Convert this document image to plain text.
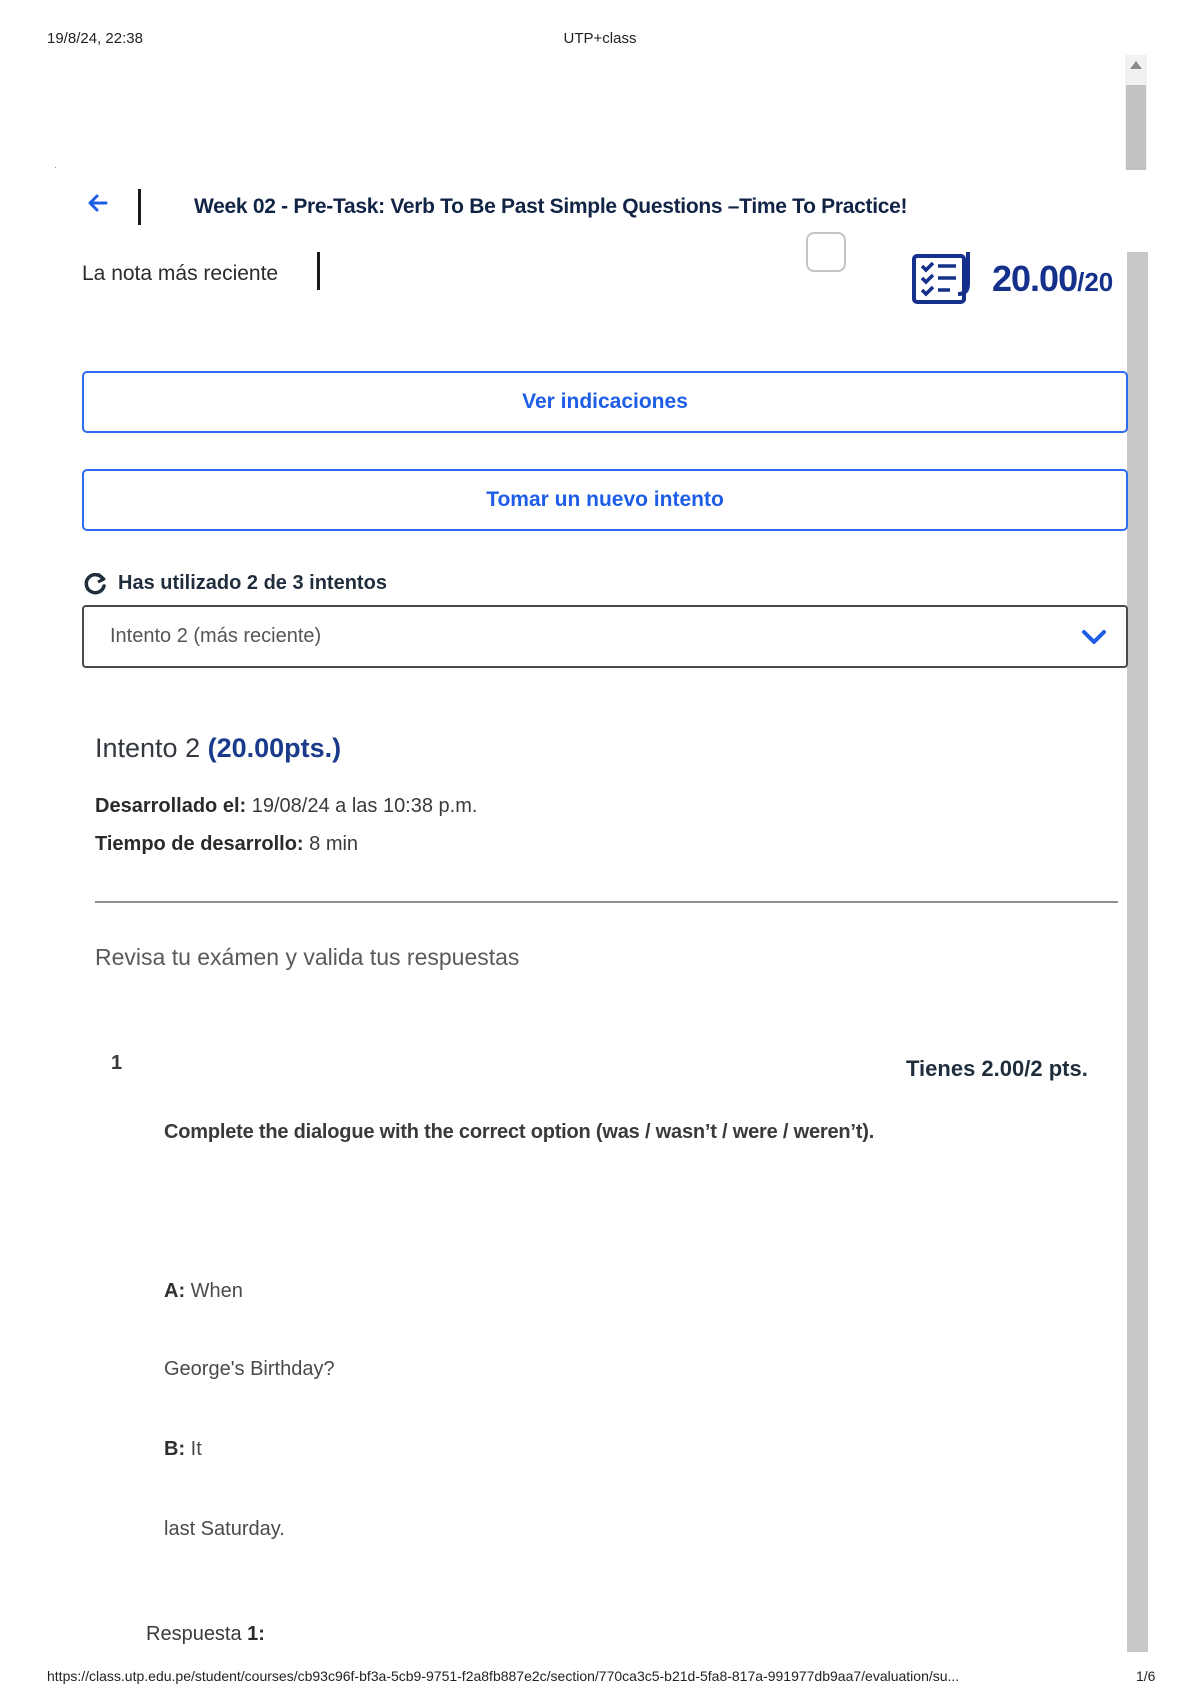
19/8/24, 22:38	UTP+class
.
Week 02 - Pre-Task: Verb To Be Past Simple Questions –Time To Practice!
La nota más reciente	20.00/20
Ver indicaciones
Tomar un nuevo intento
Has utilizado 2 de 3 intentos
Intento 2 (más reciente)
Intento 2 (20.00pts.)
Desarrollado el: 19/08/24 a las 10:38 p.m.
Tiempo de desarrollo: 8 min
Revisa tu exámen y valida tus respuestas
1	Tienes 2.00/2 pts.
Complete the dialogue with the correct option (was / wasn’t / were / weren’t).
A: When
George's Birthday?
B: It
last Saturday.
Respuesta 1:
https://class.utp.edu.pe/student/courses/cb93c96f-bf3a-5cb9-9751-f2a8fb887e2c/section/770ca3c5-b21d-5fa8-817a-991977db9aa7/evaluation/su...	1/6
